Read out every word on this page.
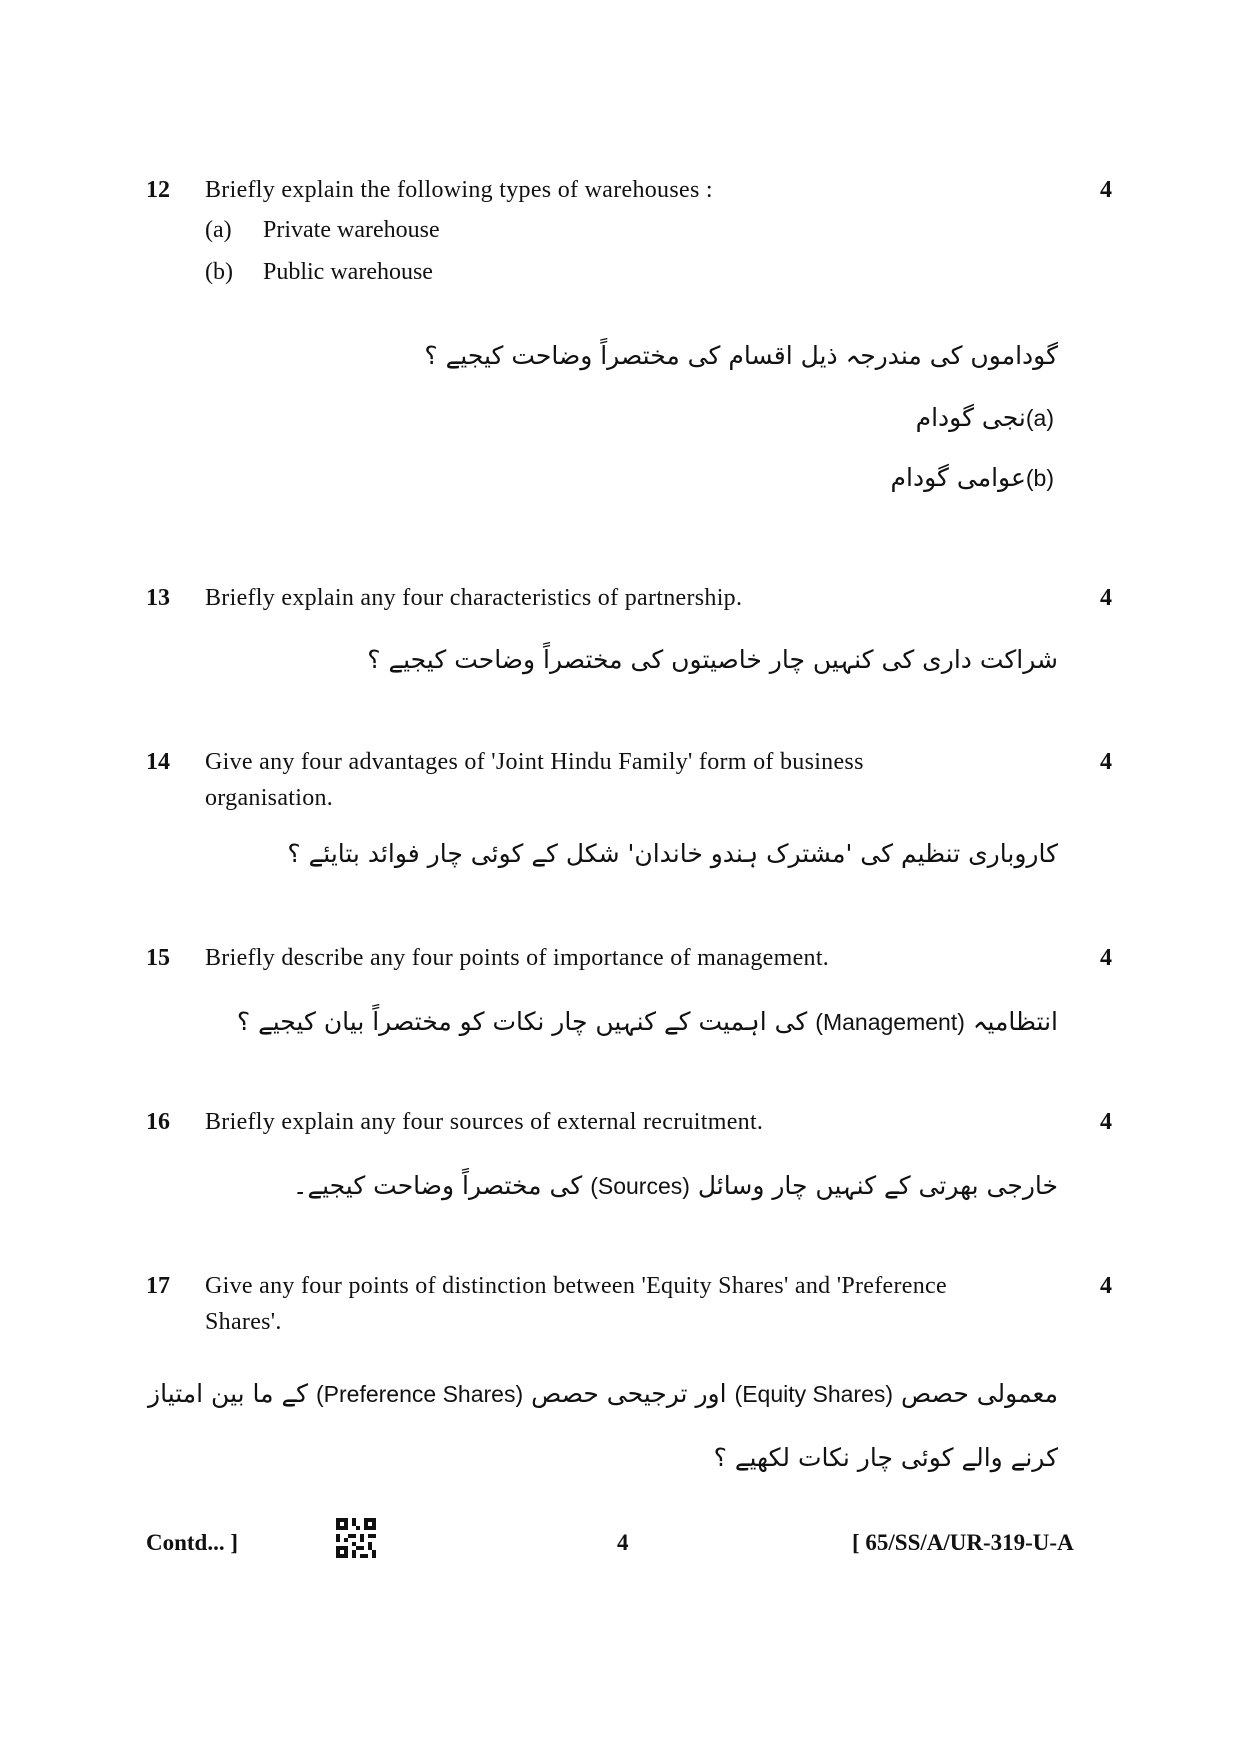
12 Briefly explain the following types of warehouses :	4
(a) Private warehouse
(b) Public warehouse
گوداموں کی مندرجہ ذیل اقسام کی مختصراً وضاحت کیجیے ؟
(a)نجی گودام
(b)عوامی گودام
13 Briefly explain any four characteristics of partnership.	4
شراکت داری کی کنہیں چار خاصیتوں کی مختصراً وضاحت کیجیے ؟
14 Give any four advantages of 'Joint Hindu Family' form of business organisation.
4
کاروباری تنظیم کی 'مشترک ہندو خاندان' شکل کے کوئی چار فوائد بتایئے ؟
15 Briefly describe any four points of importance of management.	4
انتظامیہ (Management) کی اہمیت کے کنہیں چار نکات کو مختصراً بیان کیجیے ؟
16 Briefly explain any four sources of external recruitment.	4
خارجی بھرتی کے کنہیں چار وسائل (Sources) کی مختصراً وضاحت کیجیے۔
17 Give any four points of distinction between 'Equity Shares' and 'Preference Shares'.
4
معمولی حصص (Equity Shares) اور ترجیحی حصص (Preference Shares) کے ما بین امتیاز
کرنے والے کوئی چار نکات لکھیے ؟
Contd... ]	4	[ 65/SS/A/UR-319-U-A
